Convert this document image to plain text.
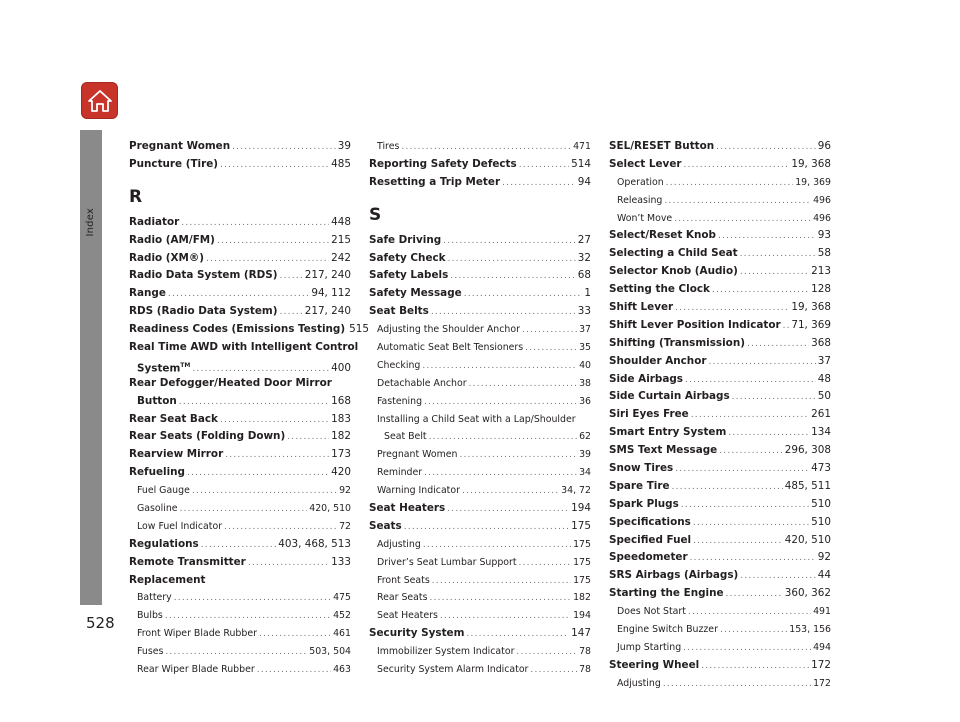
Index
528
Pregnant Women .....	39
Puncture (Tire) .....	485
R
Radiator .....	448
Radio (AM/FM) .....	215
Radio (XM®) .....	242
Radio Data System (RDS) .....	217, 240
Range .....	94, 112
RDS (Radio Data System) .....	217, 240
Readiness Codes (Emissions Testing) 515
Real Time AWD with Intelligent Control
System™ .....	400
Rear Defogger/Heated Door Mirror
Button .....	168
Rear Seat Back .....	183
Rear Seats (Folding Down) .....	182
Rearview Mirror .....	173
Refueling .....	420
Fuel Gauge .....	92
Gasoline .....	420, 510
Low Fuel Indicator .....	72
Regulations .....	403, 468, 513
Remote Transmitter .....	133
Replacement
Battery .....	475
Bulbs .....	452
Front Wiper Blade Rubber .....	461
Fuses .....	503, 504
Rear Wiper Blade Rubber .....	463
Tires .....	471
Reporting Safety Defects .....	514
Resetting a Trip Meter .....	94
S
Safe Driving .....	27
Safety Check .....	32
Safety Labels .....	68
Safety Message .....	1
Seat Belts .....	33
Adjusting the Shoulder Anchor .....	37
Automatic Seat Belt Tensioners .....	35
Checking .....	40
Detachable Anchor .....	38
Fastening .....	36
Installing a Child Seat with a Lap/Shoulder
Seat Belt .....	62
Pregnant Women .....	39
Reminder .....	34
Warning Indicator .....	34, 72
Seat Heaters .....	194
Seats .....	175
Adjusting .....	175
Driver’s Seat Lumbar Support .....	175
Front Seats .....	175
Rear Seats .....	182
Seat Heaters .....	194
Security System .....	147
Immobilizer System Indicator .....	78
Security System Alarm Indicator .....	78
SEL/RESET Button .....	96
Select Lever .....	19, 368
Operation .....	19, 369
Releasing .....	496
Won’t Move .....	496
Select/Reset Knob .....	93
Selecting a Child Seat .....	58
Selector Knob (Audio) .....	213
Setting the Clock .....	128
Shift Lever .....	19, 368
Shift Lever Position Indicator ..... 71, 369
Shifting (Transmission) .....	368
Shoulder Anchor .....	37
Side Airbags .....	48
Side Curtain Airbags .....	50
Siri Eyes Free .....	261
Smart Entry System .....	134
SMS Text Message .....	296, 308
Snow Tires .....	473
Spare Tire .....	485, 511
Spark Plugs .....	510
Specifications .....	510
Specified Fuel .....	420, 510
Speedometer .....	92
SRS Airbags (Airbags) .....	44
Starting the Engine .....	360, 362
Does Not Start .....	491
Engine Switch Buzzer .....	153, 156
Jump Starting .....	494
Steering Wheel .....	172
Adjusting .....	172
